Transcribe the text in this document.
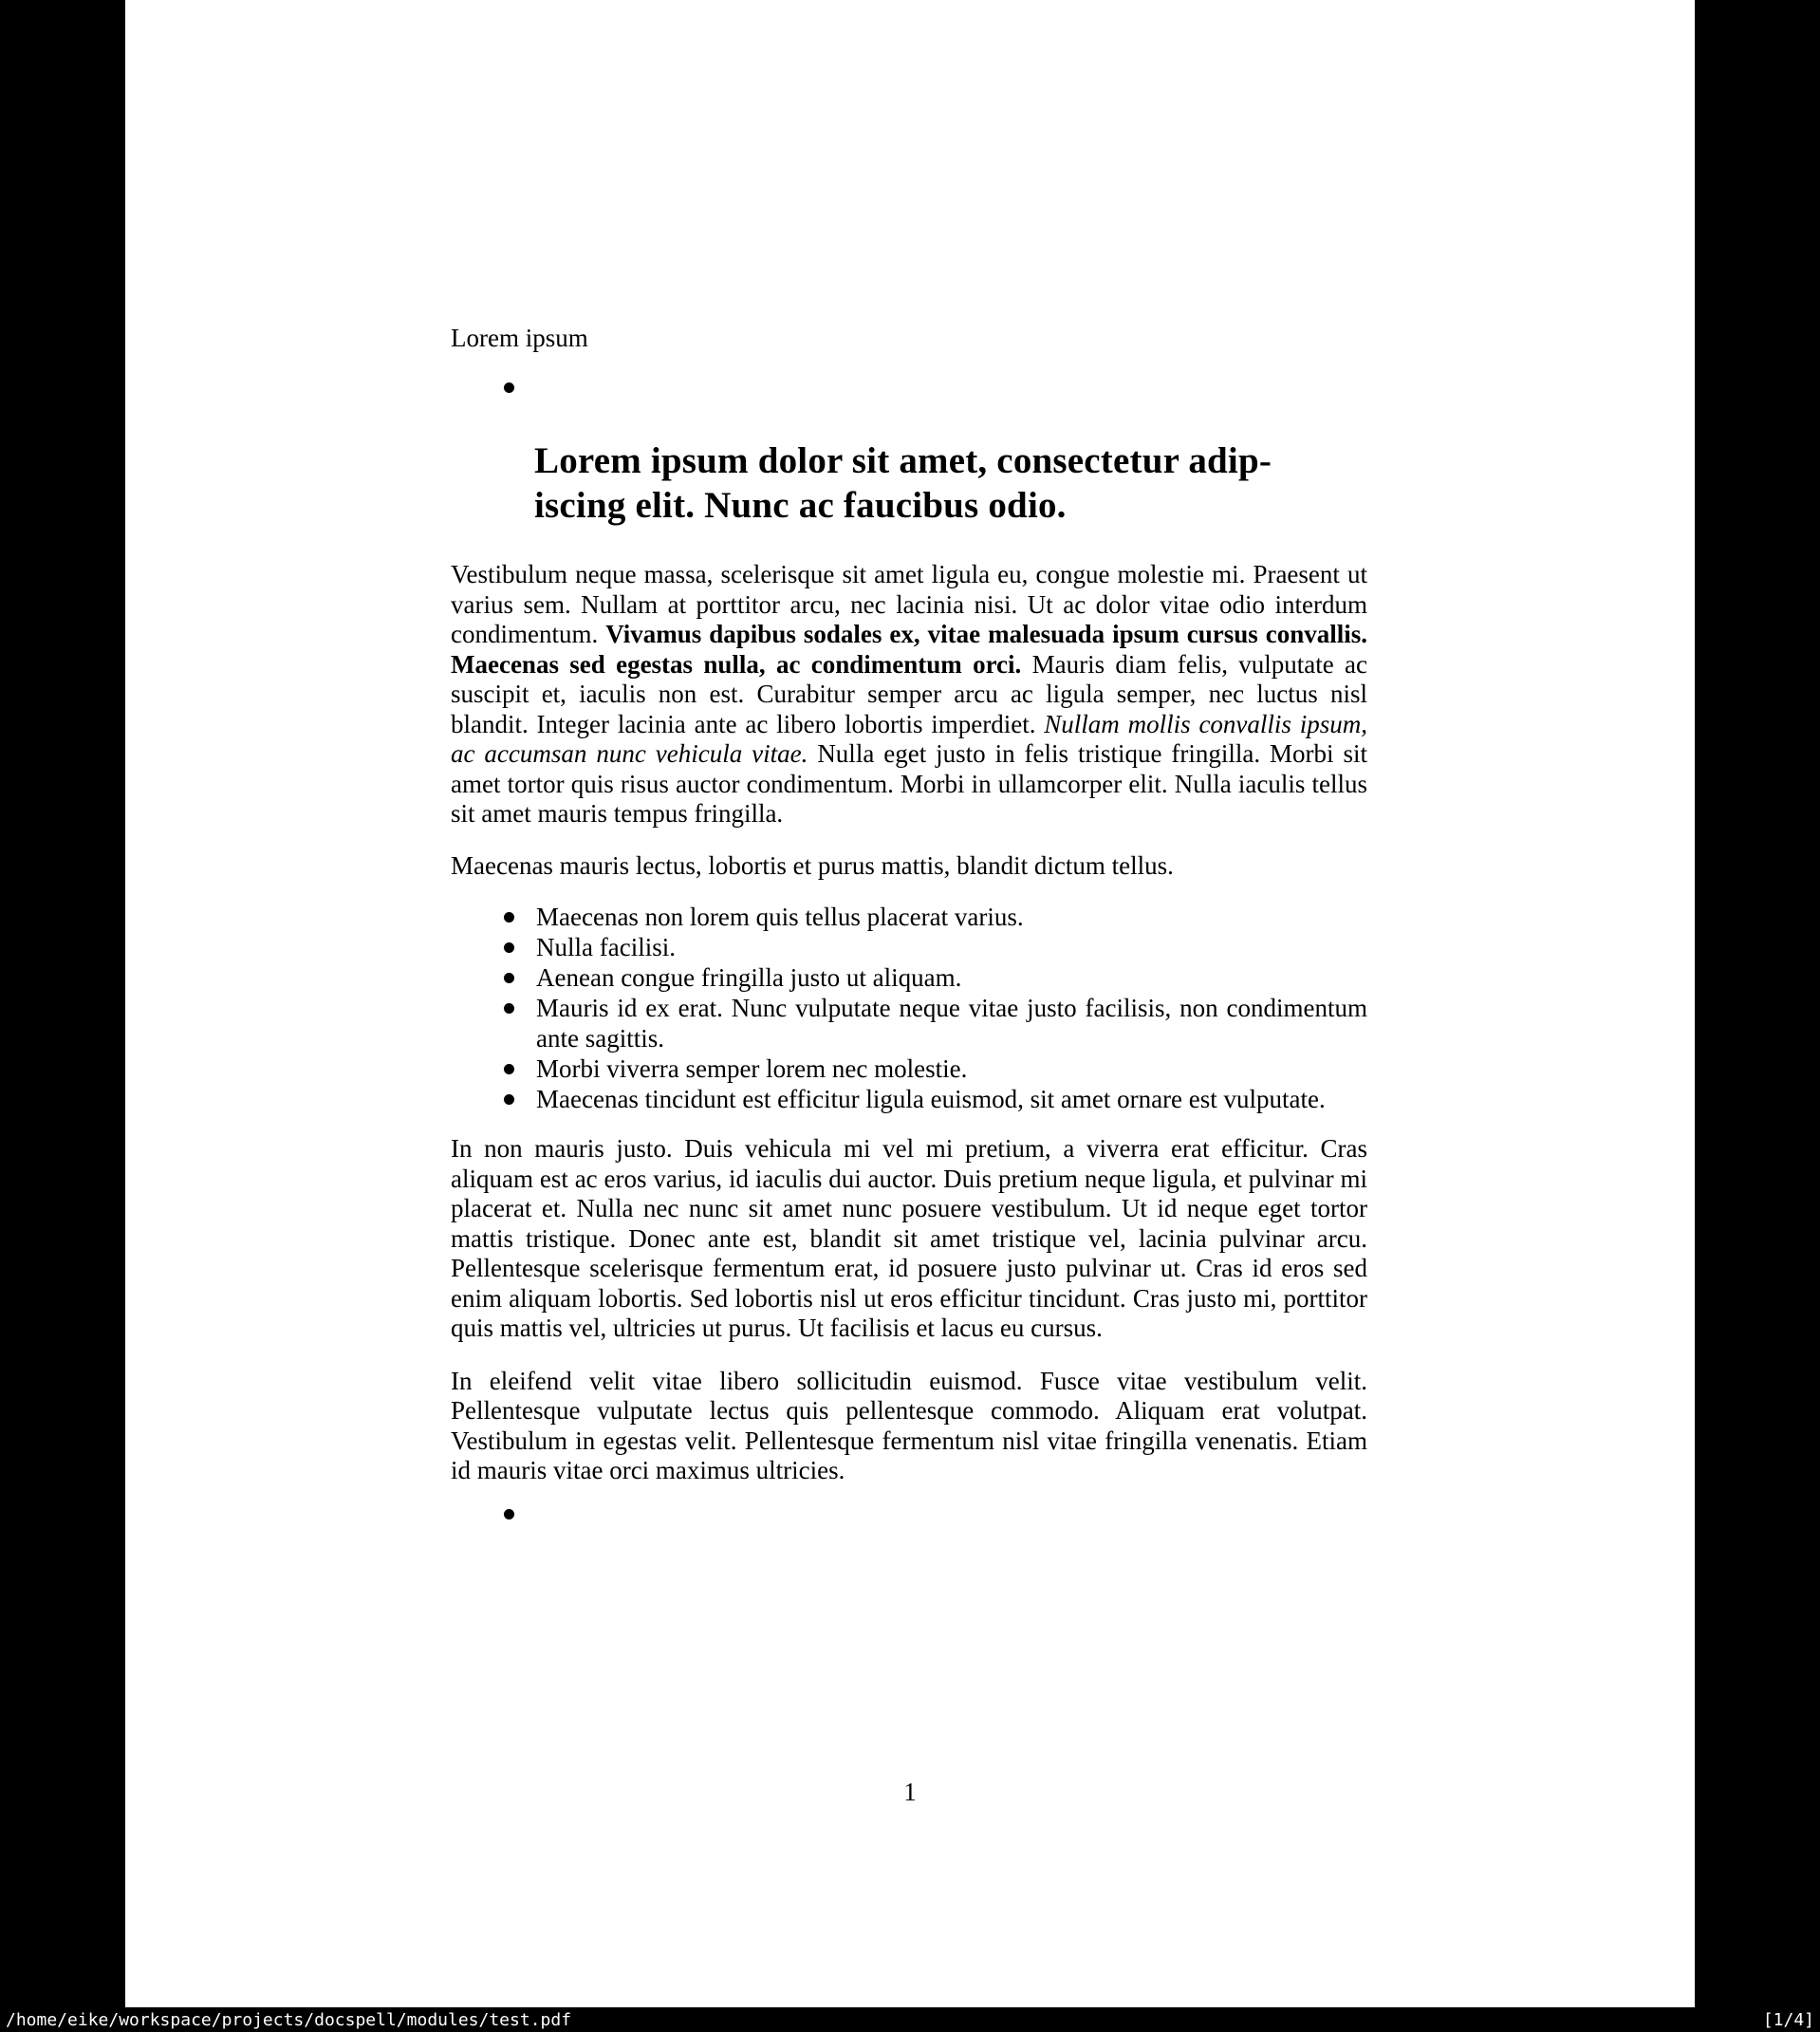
Lorem ipsum

Lorem ipsum dolor sit amet, consectetur adip-
iscing elit. Nunc ac faucibus odio.

Vestibulum neque massa, scelerisque sit amet ligula eu, congue molestie mi. Praesent ut varius sem. Nullam at porttitor arcu, nec lacinia nisi. Ut ac dolor vitae odio interdum condimentum. Vivamus dapibus sodales ex, vitae malesuada ipsum cursus convallis. Maecenas sed egestas nulla, ac condimentum orci. Mauris diam felis, vulputate ac suscipit et, iaculis non est. Curabitur semper arcu ac ligula semper, nec luctus nisl blandit. Integer lacinia ante ac libero lobortis imperdiet. Nullam mollis convallis ipsum, ac accumsan nunc vehicula vitae. Nulla eget justo in felis tristique fringilla. Morbi sit amet tortor quis risus auctor condimentum. Morbi in ullamcorper elit. Nulla iaculis tellus sit amet mauris tempus fringilla.

Maecenas mauris lectus, lobortis et purus mattis, blandit dictum tellus.

Maecenas non lorem quis tellus placerat varius.
Nulla facilisi.
Aenean congue fringilla justo ut aliquam.
Mauris id ex erat. Nunc vulputate neque vitae justo facilisis, non condimentum ante sagittis.
Morbi viverra semper lorem nec molestie.
Maecenas tincidunt est efficitur ligula euismod, sit amet ornare est vulputate.

In non mauris justo. Duis vehicula mi vel mi pretium, a viverra erat efficitur. Cras aliquam est ac eros varius, id iaculis dui auctor. Duis pretium neque ligula, et pulvinar mi placerat et. Nulla nec nunc sit amet nunc posuere vestibulum. Ut id neque eget tortor mattis tristique. Donec ante est, blandit sit amet tristique vel, lacinia pulvinar arcu. Pellentesque scelerisque fermentum erat, id posuere justo pulvinar ut. Cras id eros sed enim aliquam lobortis. Sed lobortis nisl ut eros efficitur tincidunt. Cras justo mi, porttitor quis mattis vel, ultricies ut purus. Ut facilisis et lacus eu cursus.

In eleifend velit vitae libero sollicitudin euismod. Fusce vitae vestibulum velit. Pellentesque vulputate lectus quis pellentesque commodo. Aliquam erat volutpat. Vestibulum in egestas velit. Pellentesque fermentum nisl vitae fringilla venenatis. Etiam id mauris vitae orci maximus ultricies.

1
/home/eike/workspace/projects/docspell/modules/test.pdf	[1/4]
